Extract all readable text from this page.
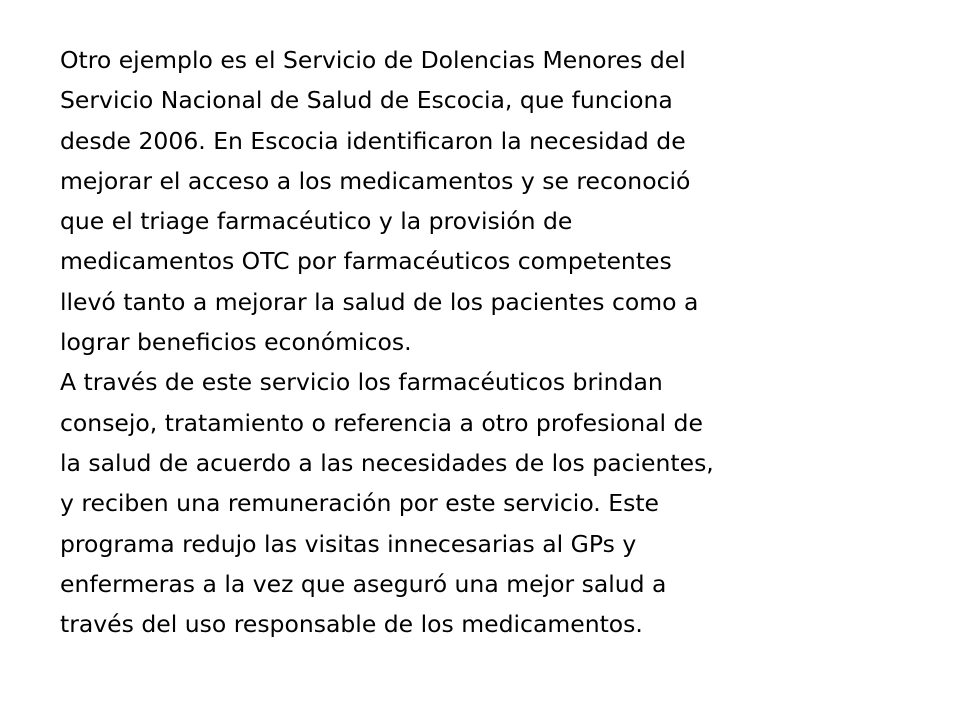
Otro ejemplo es el Servicio de Dolencias Menores del
Servicio Nacional de Salud de Escocia, que funciona
desde 2006. En Escocia identificaron la necesidad de
mejorar el acceso a los medicamentos y se reconoció
que el triage farmacéutico y la provisión de
medicamentos OTC por farmacéuticos competentes
llevó tanto a mejorar la salud de los pacientes como a
lograr beneficios económicos.

A través de este servicio los farmacéuticos brindan
consejo, tratamiento o referencia a otro profesional de
la salud de acuerdo a las necesidades de los pacientes,
y reciben una remuneración por este servicio. Este
programa redujo las visitas innecesarias al GPs y
enfermeras a la vez que aseguró una mejor salud a
través del uso responsable de los medicamentos.
